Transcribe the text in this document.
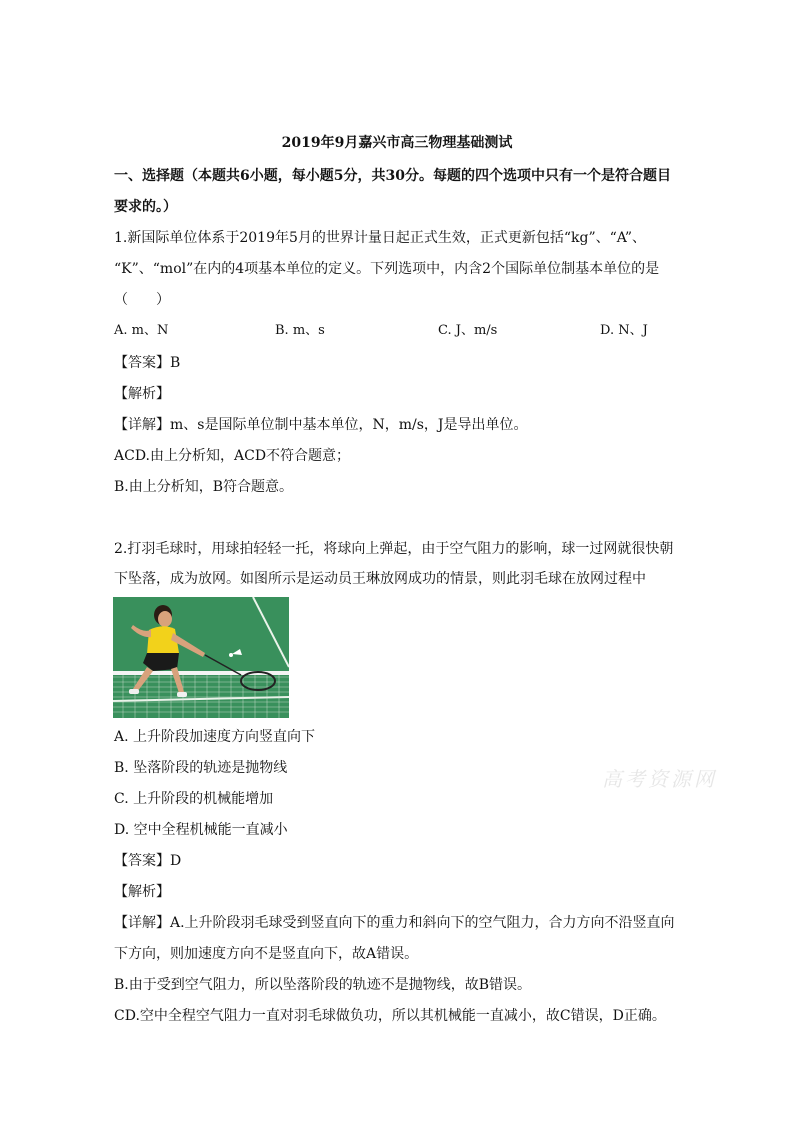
2019年9月嘉兴市高三物理基础测试
一、选择题（本题共6小题，每小题5分，共30分。每题的四个选项中只有一个是符合题目
要求的。）
1.新国际单位体系于2019年5月的世界计量日起正式生效，正式更新包括“kg”、“A”、
“K”、“mol”在内的4项基本单位的定义。下列选项中，内含2个国际单位制基本单位的是
（　　）
A. m、N	B. m、s	C. J、m/s	D. N、J
【答案】B
【解析】
【详解】m、s是国际单位制中基本单位，N，m/s，J是导出单位。
ACD.由上分析知，ACD不符合题意；
B.由上分析知，B符合题意。
2.打羽毛球时，用球拍轻轻一托，将球向上弹起，由于空气阻力的影响，球一过网就很快朝
下坠落，成为放网。如图所示是运动员王琳放网成功的情景，则此羽毛球在放网过程中
A. 上升阶段加速度方向竖直向下
B. 坠落阶段的轨迹是抛物线
C. 上升阶段的机械能增加
D. 空中全程机械能一直减小
高考资源网
【答案】D
【解析】
【详解】A.上升阶段羽毛球受到竖直向下的重力和斜向下的空气阻力，合力方向不沿竖直向
下方向，则加速度方向不是竖直向下，故A错误。
B.由于受到空气阻力，所以坠落阶段的轨迹不是抛物线，故B错误。
CD.空中全程空气阻力一直对羽毛球做负功，所以其机械能一直减小，故C错误，D正确。
